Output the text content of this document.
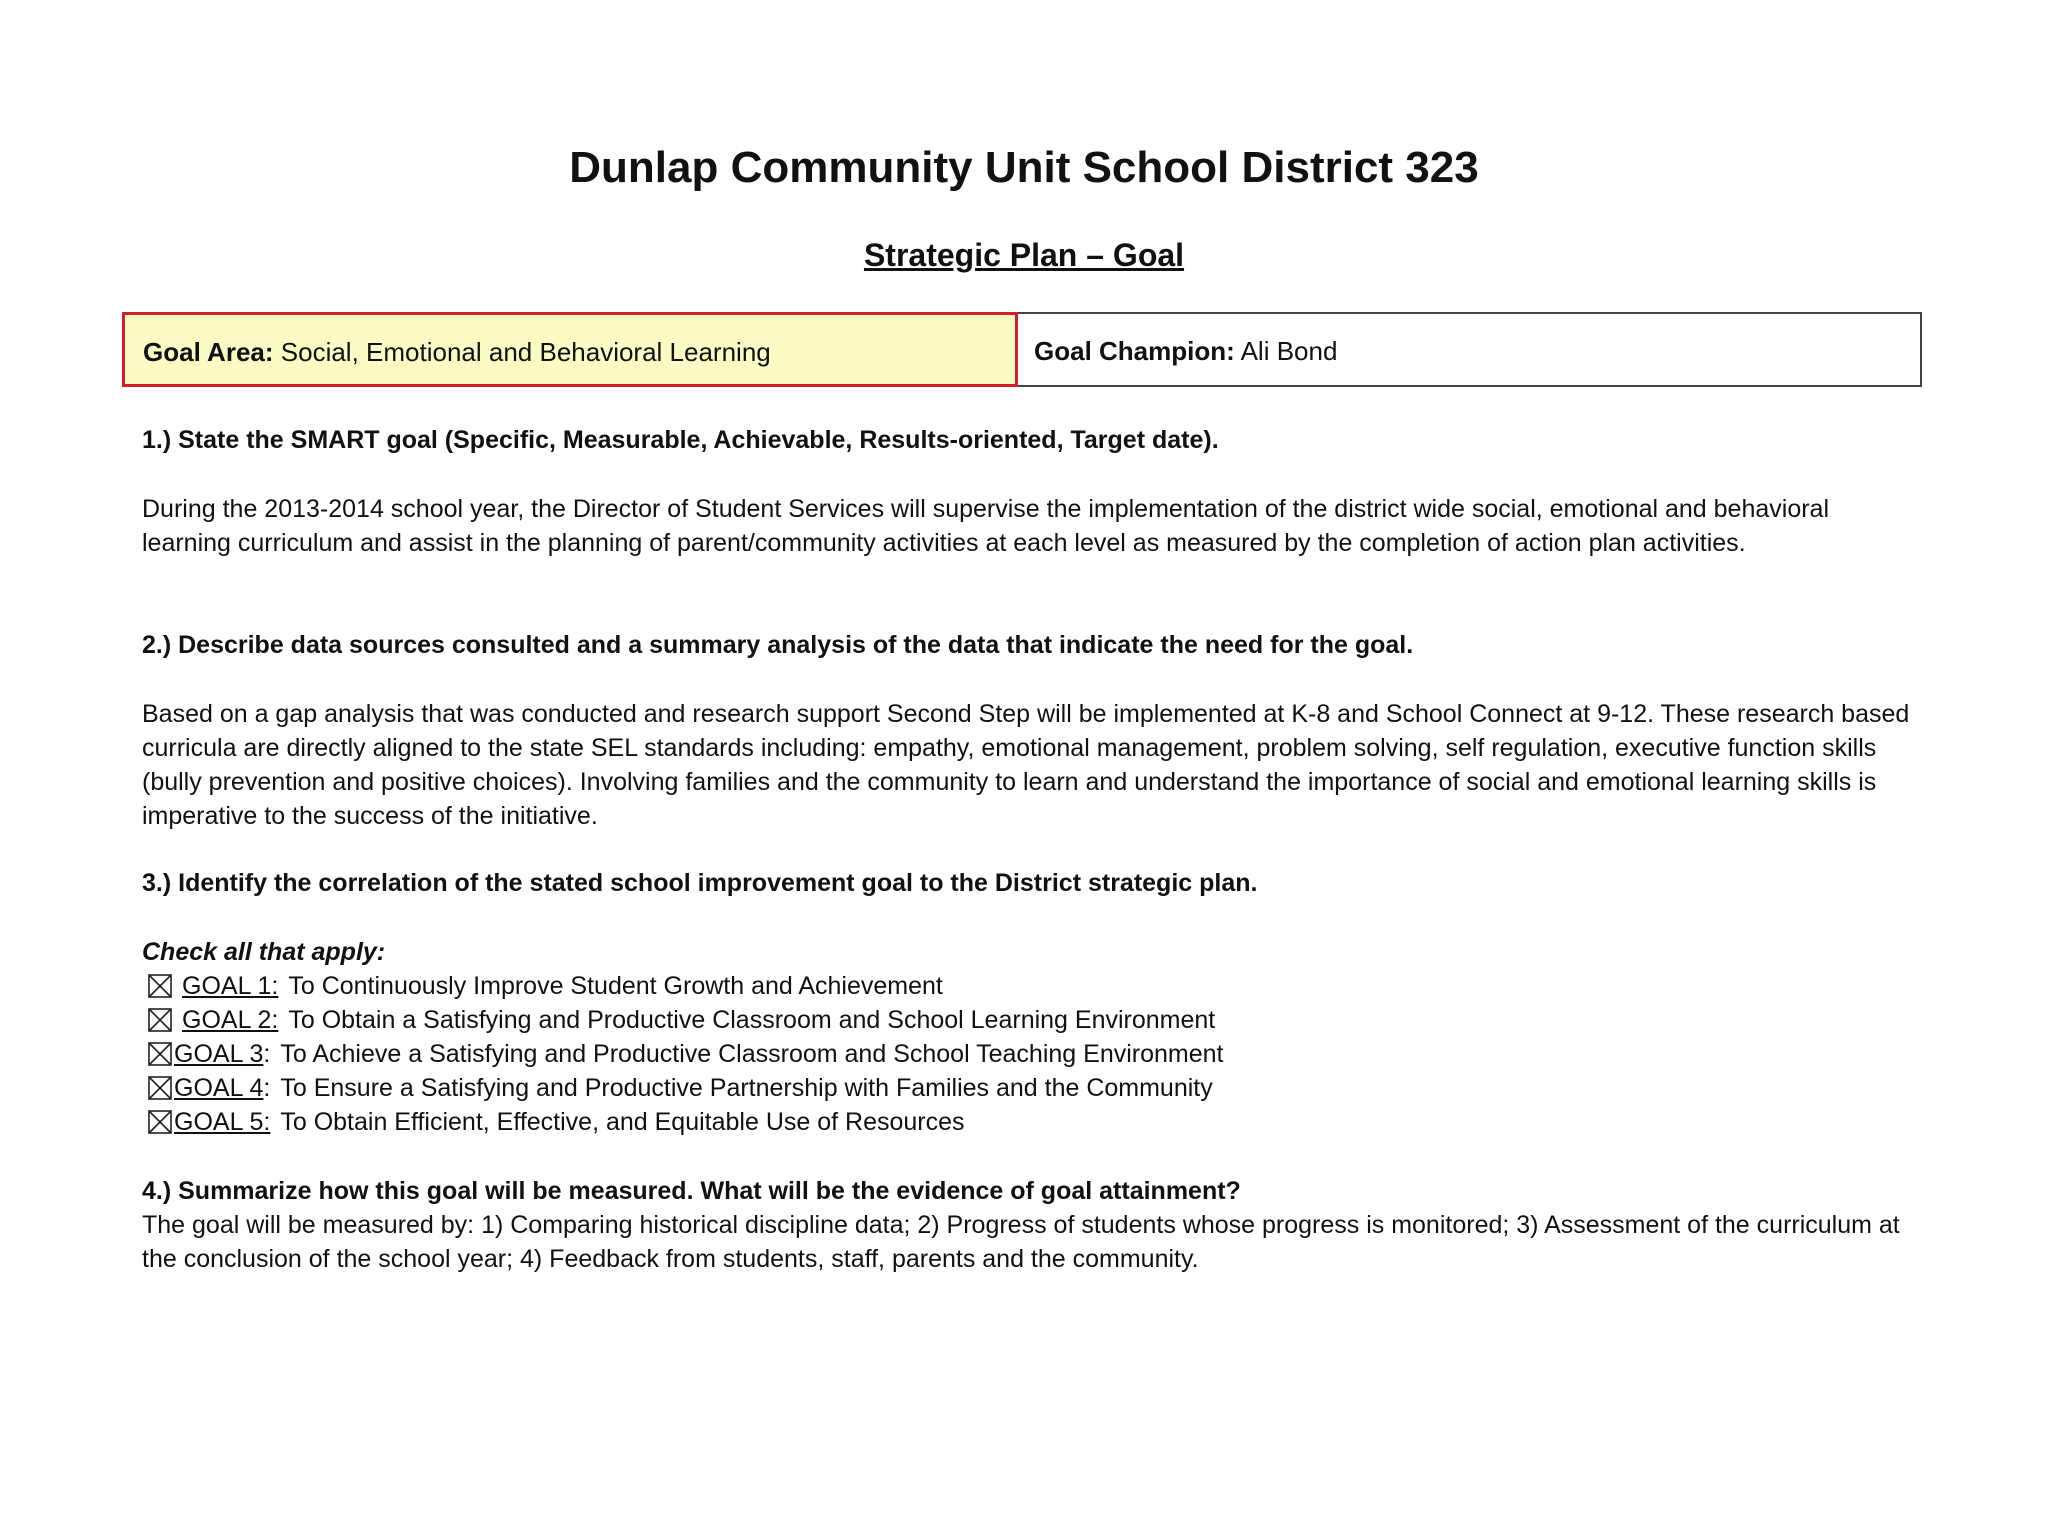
Dunlap Community Unit School District 323
Strategic Plan – Goal
Goal Area: Social, Emotional and Behavioral Learning	Goal Champion: Ali Bond
1.) State the SMART goal (Specific, Measurable, Achievable, Results-oriented, Target date).
During the 2013-2014 school year, the Director of Student Services will supervise the implementation of the district wide social, emotional and behavioral learning curriculum and assist in the planning of parent/community activities at each level as measured by the completion of action plan activities.
2.) Describe data sources consulted and a summary analysis of the data that indicate the need for the goal.
Based on a gap analysis that was conducted and research support Second Step will be implemented at K-8 and School Connect at 9-12. These research based curricula are directly aligned to the state SEL standards including: empathy, emotional management, problem solving, self regulation, executive function skills (bully prevention and positive choices). Involving families and the community to learn and understand the importance of social and emotional learning skills is imperative to the success of the initiative.
3.) Identify the correlation of the stated school improvement goal to the District strategic plan.
Check all that apply:
GOAL 1: To Continuously Improve Student Growth and Achievement
GOAL 2: To Obtain a Satisfying and Productive Classroom and School Learning Environment
GOAL 3 : To Achieve a Satisfying and Productive Classroom and School Teaching Environment
GOAL 4 : To Ensure a Satisfying and Productive Partnership with Families and the Community
GOAL 5: To Obtain Efficient, Effective, and Equitable Use of Resources
4.) Summarize how this goal will be measured. What will be the evidence of goal attainment?
The goal will be measured by: 1) Comparing historical discipline data; 2) Progress of students whose progress is monitored; 3) Assessment of the curriculum at the conclusion of the school year; 4) Feedback from students, staff, parents and the community.
